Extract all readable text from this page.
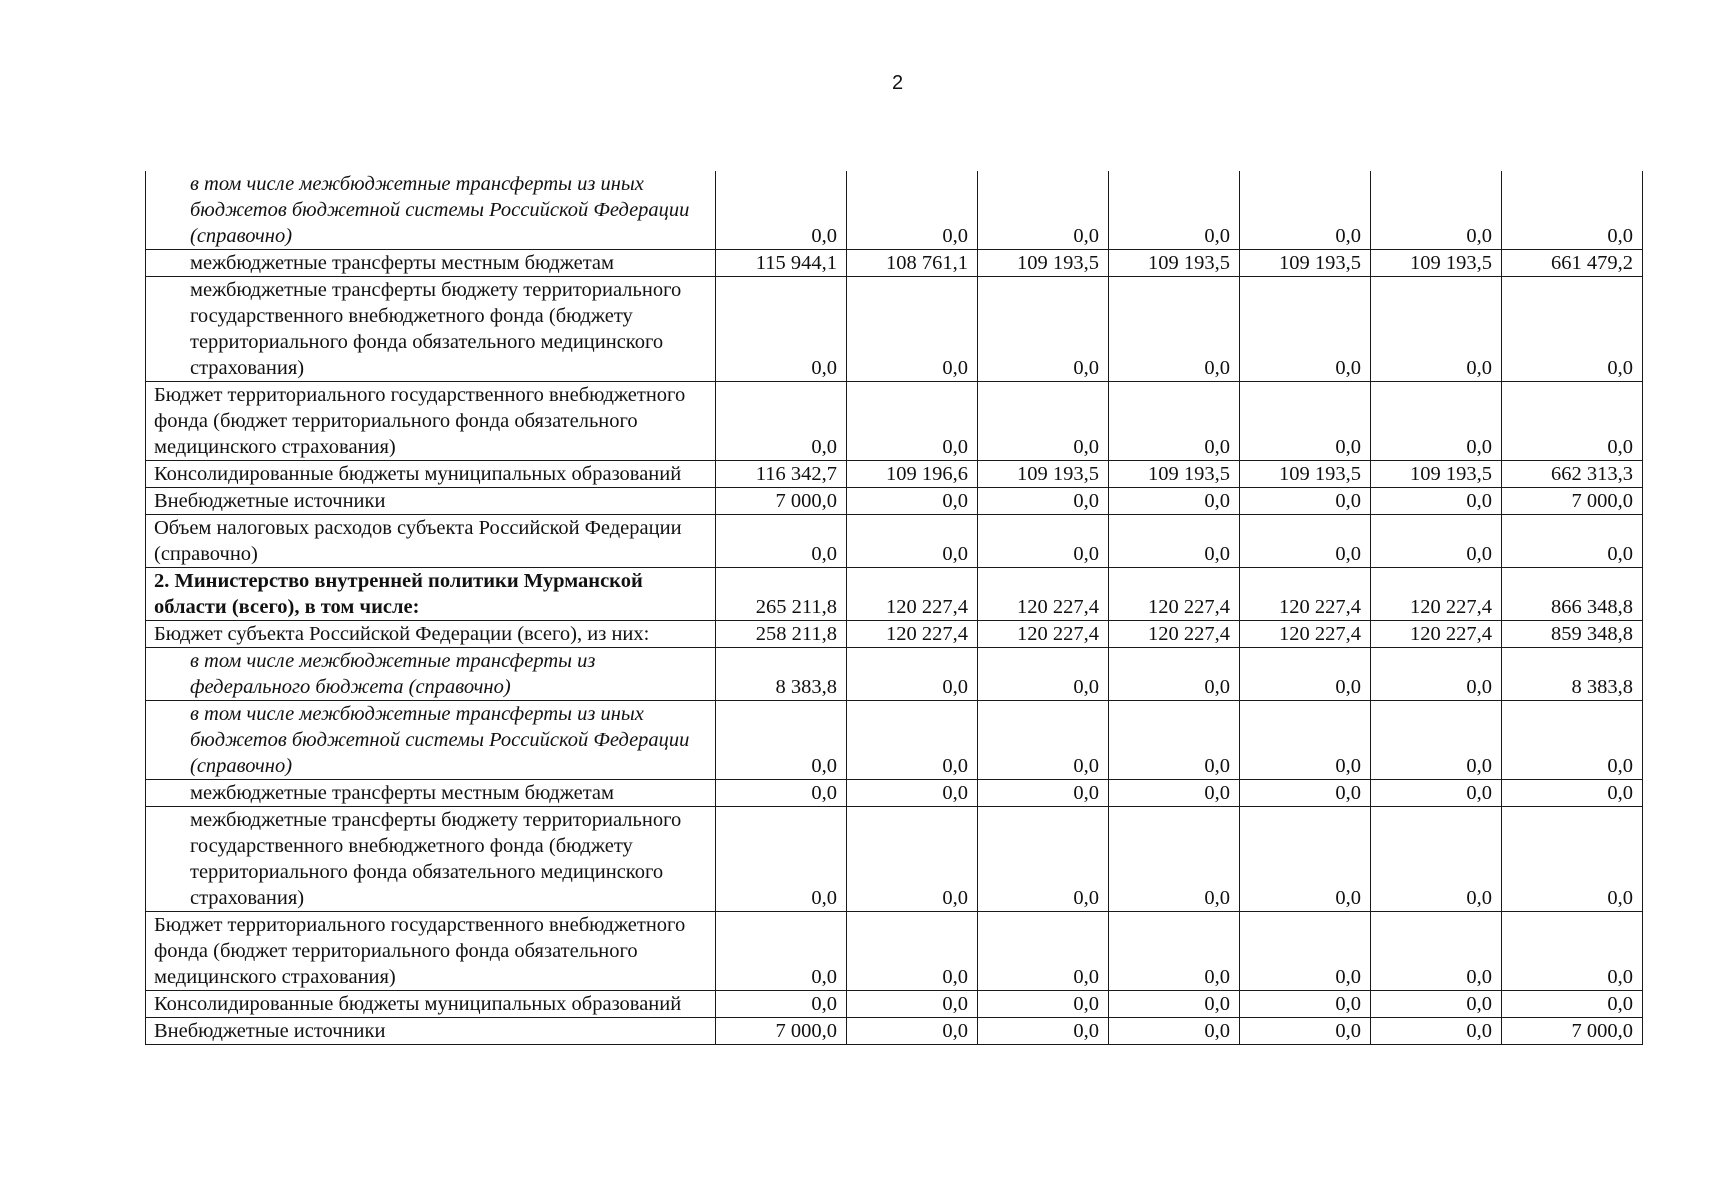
2
в том числе межбюджетные трансферты из иных бюджетов бюджетной системы Российской Федерации (справочно)	0,0	0,0	0,0	0,0	0,0	0,0	0,0

межбюджетные трансферты местным бюджетам	115 944,1	108 761,1	109 193,5	109 193,5	109 193,5	109 193,5	661 479,2

межбюджетные трансферты бюджету территориального государственного внебюджетного фонда (бюджету территориального фонда обязательного медицинского страхования)	0,0	0,0	0,0	0,0	0,0	0,0	0,0

Бюджет территориального государственного внебюджетного фонда (бюджет территориального фонда обязательного медицинского страхования)	0,0	0,0	0,0	0,0	0,0	0,0	0,0

Консолидированные бюджеты муниципальных образований	116 342,7	109 196,6	109 193,5	109 193,5	109 193,5	109 193,5	662 313,3

Внебюджетные источники	7 000,0	0,0	0,0	0,0	0,0	0,0	7 000,0

Объем налоговых расходов субъекта Российской Федерации (справочно)	0,0	0,0	0,0	0,0	0,0	0,0	0,0

2. Министерство внутренней политики Мурманской области (всего), в том числе:	265 211,8	120 227,4	120 227,4	120 227,4	120 227,4	120 227,4	866 348,8

Бюджет субъекта Российской Федерации (всего), из них:	258 211,8	120 227,4	120 227,4	120 227,4	120 227,4	120 227,4	859 348,8

в том числе межбюджетные трансферты из федерального бюджета (справочно)	8 383,8	0,0	0,0	0,0	0,0	0,0	8 383,8

в том числе межбюджетные трансферты из иных бюджетов бюджетной системы Российской Федерации (справочно)	0,0	0,0	0,0	0,0	0,0	0,0	0,0

межбюджетные трансферты местным бюджетам	0,0	0,0	0,0	0,0	0,0	0,0	0,0

межбюджетные трансферты бюджету территориального государственного внебюджетного фонда (бюджету территориального фонда обязательного медицинского страхования)	0,0	0,0	0,0	0,0	0,0	0,0	0,0

Бюджет территориального государственного внебюджетного фонда (бюджет территориального фонда обязательного медицинского страхования)	0,0	0,0	0,0	0,0	0,0	0,0	0,0

Консолидированные бюджеты муниципальных образований	0,0	0,0	0,0	0,0	0,0	0,0	0,0

Внебюджетные источники	7 000,0	0,0	0,0	0,0	0,0	0,0	7 000,0
